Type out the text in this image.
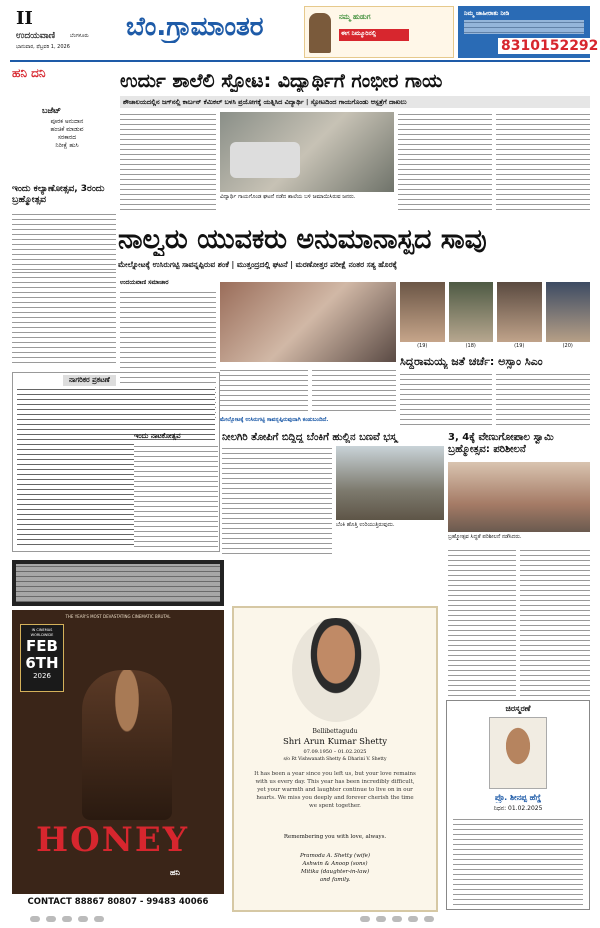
II
ಉದಯವಾಣಿ	ಬೆಂಗಳೂರು
ಭಾನುವಾರ, ಫೆಬ್ರವರಿ 1, 2026
ಬೆಂ.ಗ್ರಾಮಾಂತರ	ನಮ್ಮ ಹುಡುಗ
ಈಗ ನಿಮ್ಮೂರಿನಲ್ಲಿ
ನಿಮ್ಮ ಜಾಹೀರಾತು ನೀಡಿ
8310152292
ಹನಿ ದನಿ
ಬಜೆಟ್
ಪೂರಕ ಅನುದಾನ
ಹಂಚಿಕೆ ಮಾಡುವ
ಸರಕಾರದ
ನಿರೀಕ್ಷೆ ಹುಸಿ
ಇಂದು ಕಲ್ಯಾಣೋತ್ಸವ, 3ರಂದು ಬ್ರಹ್ಮೋತ್ಸವ
ಉರ್ದು ಶಾಲೆಲಿ ಸ್ಫೋಟ: ವಿದ್ಯಾರ್ಥಿಗೆ ಗಂಭೀರ ಗಾಯ
ಶೌಚಾಲಯದಲ್ಲಿನ ಜಗ್‌ನಲ್ಲಿ ಕಾರ್ಬನ್ ಕೆಮಿಕಲ್ ಬಳಸಿ ಪ್ರಯೋಗಕ್ಕೆ ಯತ್ನಿಸಿದ ವಿದ್ಯಾರ್ಥಿ | ಸ್ಫೋಟದಿಂದ ಗಾಯಗೊಂಡು ಆಸ್ಪತ್ರೆಗೆ ದಾಖಲು
ವಿದ್ಯಾರ್ಥಿ ಗಾಯಗೊಂಡ ಘಟನೆ ನಡೆದ ಶಾಲೆಯ ಬಳಿ ಜಮಾಯಿಸಿರುವ ಜನರು.
ನಾಲ್ವರು ಯುವಕರು ಅನುಮಾನಾಸ್ಪದ ಸಾವು
ಮೇಲ್ನೋಟಕ್ಕೆ ಉಸಿರುಗಟ್ಟಿ ಸಾವನ್ನಪ್ಪಿರುವ ಶಂಕೆ | ಮುತ್ತಂದ್ರದಲ್ಲಿ ಘಟನೆ | ಮರಣೋತ್ತರ ಪರೀಕ್ಷೆ ನಂತರ ಸತ್ಯ ಹೊರಕ್ಕೆ
ಉದಯವಾಣಿ ಸಮಾಚಾರ
ಮೇಲ್ನೋಟಕ್ಕೆ ಉಸಿರುಗಟ್ಟಿ ಸಾವನ್ನಪ್ಪಿರುವುದಾಗಿ ಕಂಡುಬಂದಿದೆ.
(19)	(18)	(19)	(20)
ಸಿದ್ದರಾಮಯ್ಯ ಜತೆ ಚರ್ಚೆ: ಅಸ್ಸಾಂ ಸಿಎಂ
ನಾಗರಿಕರ ಪ್ರಕಟಣೆ
ನೀಲಗಿರಿ ತೋಪಿಗೆ ಬಿದ್ದಿದ್ದ ಬೆಂಕಿಗೆ ಹುಲ್ಲಿನ ಬಣವೆ ಭಸ್ಮ
ಇಂದು ನಾಟಕೋತ್ಸವ
ಬೆಂಕಿ ಹೊತ್ತಿ ಉರಿಯುತ್ತಿರುವುದು.
3, 4ಕ್ಕೆ ವೇಣುಗೋಪಾಲ ಸ್ವಾಮಿ ಬ್ರಹ್ಮೋತ್ಸವ: ಪರಿಶೀಲನೆ
ಬ್ರಹ್ಮೋತ್ಸವ ಸಿದ್ಧತೆ ಪರಿಶೀಲನೆ ನಡೆಸಿದರು.
THE YEAR'S MOST DEVASTATING CINEMATIC BRUTAL
IN CINEMAS WORLDWIDE
FEB
6TH
2026
HONEY
ಹನಿ
CONTACT 88867 80807 - 99483 40066
Bellibettagudu
Shri Arun Kumar Shetty
07.09.1950 – 01.02.2025
s/o Rt Vishwanath Shetty & Dharini V. Shetty
It has been a year since you left us, but your love remains with us every day. This year has been incredibly difficult, yet your warmth and laughter continue to live on in our hearts. We miss you deeply and forever cherish the time we spent together.
Remembering you with love, always.
Pramoda A. Shetty (wife)
Ashwin & Anoop (sons)
Mitika (daughter-in-law)
and family.
ಚಿರಸ್ಮರಣೆ
ಪ್ರೊ. ಶೀನಪ್ಪ ಹೆಗ್ಡೆ
ನಿಧನ: 01.02.2025
